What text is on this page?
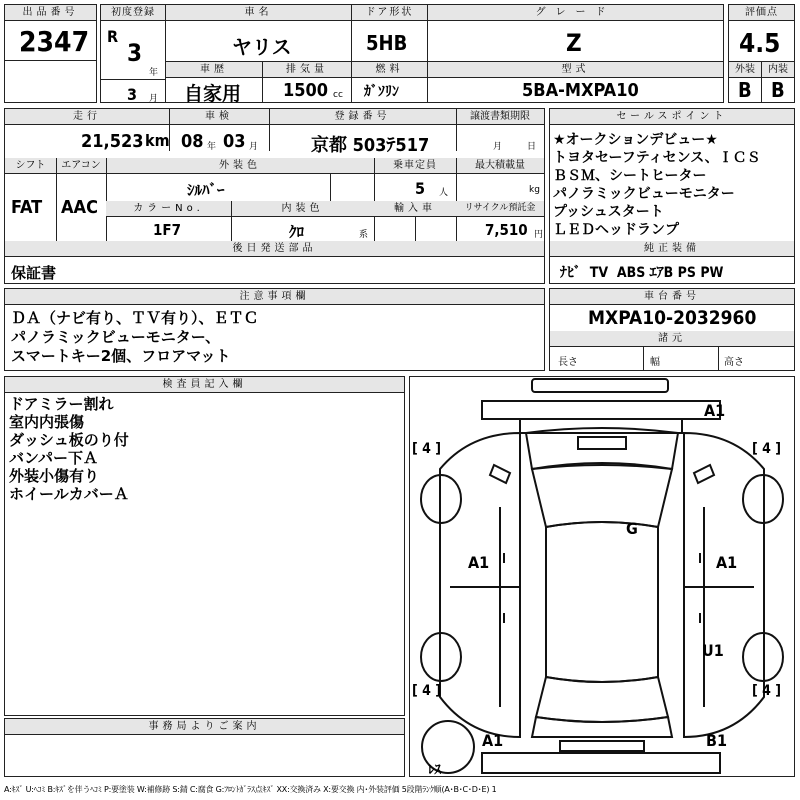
出品番号
2347
初度登録
R
3
年
3 月
車名
ヤリス
ドア形状
5HB
グレード
Z
評価点
4.5
車歴
自家用
排気量
1500 cc
燃料
ｶﾞｿﾘﾝ
型式
5BA-MXPA10
外装
B
内装
B
走行	車検	登録番号	譲渡書類期限
21,523 km 08 年 03 月	京都 503ﾃ517	月	日
シフト	エアコン	外装色	乗車定員	最大積載量
FAT AAC
ｼﾙﾊﾞｰ	5 人	kg
カラーNo.	内装色	輸入車	リサイクル預託金
1F7	ｸﾛ	系	7,510 円
後日発送部品
保証書
セールスポイント

★オークションデビュー★

トヨタセーフティセンス、ＩＣＳ

ＢＳＭ、シートヒーター

パノラミックビューモニター

プッシュスタート

ＬＥＤヘッドランプ

純正装備
ﾅﾋﾞ  TV  ABS ｴｱB PS PW
注意事項欄

ＤＡ（ナビ有り、ＴＶ有り）、ＥＴＣ

パノラミックビューモニター、

スマートキー2個、フロアマット

車台番号
MXPA10-2032960
諸元
長さ	幅	高さ
検査員記入欄

ドアミラー割れ

室内内張傷

ダッシュ板のり付

バンパー下Ａ

外装小傷有り

ホイールカバーＡ

事務局よりご案内
A1
G
A1	A1
U1
A1	B1
ﾚｽ
[ 4 ]	[ 4 ]
[ 4 ]	[ 4 ]
A:ｷｽﾞ U:ﾍｺﾐ B:ｷｽﾞを伴うﾍｺﾐ P:要塗装 W:補修跡 S:錆 C:腐食 G:ﾌﾛﾝﾄｶﾞﾗｽ点ｷｽﾞ XX:交換済み X:要交換 内･外装評価 5段階ﾗﾝｸ順(A･B･C･D･E) 1
